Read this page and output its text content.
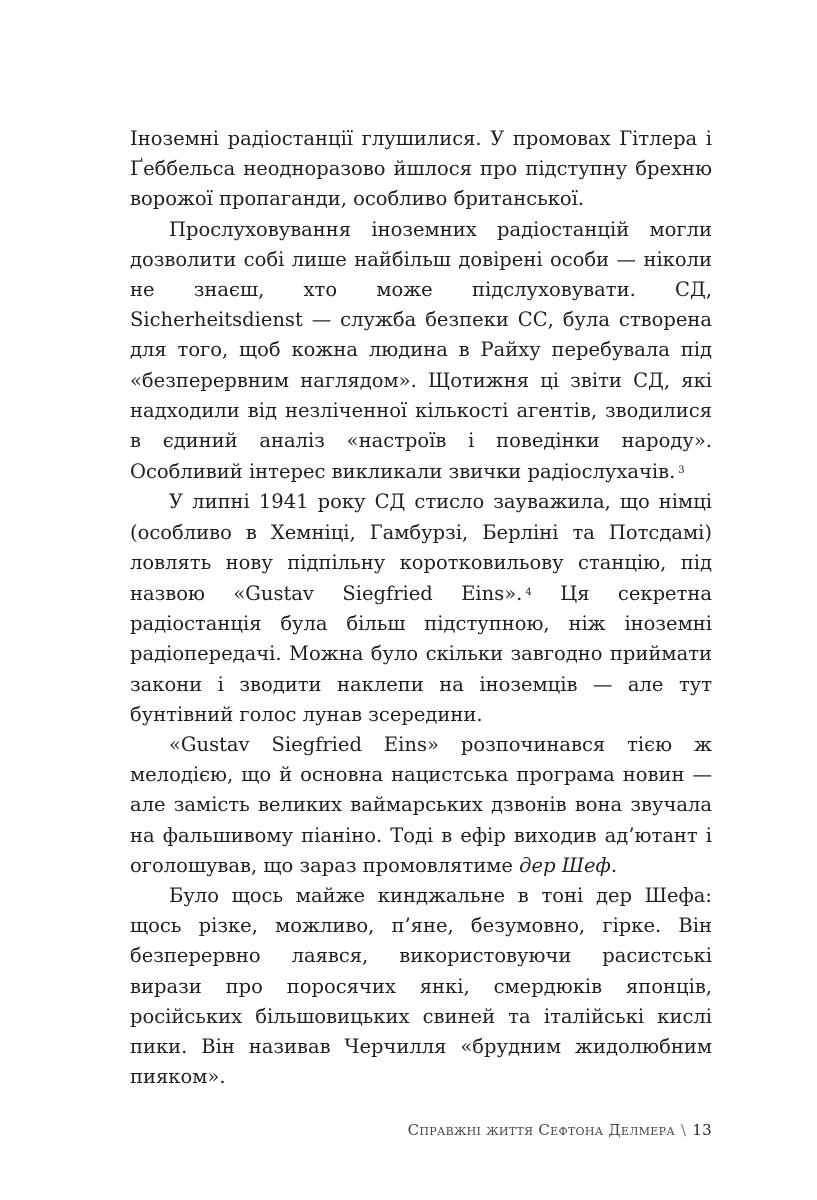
Іноземні радіостанції глушилися. У промовах Гітлера і Ґеббельса неодноразово йшлося про підступну брехню ворожої пропаганди, особливо британської.

Прослуховування іноземних радіостанцій могли дозволити собі лише найбільш довірені особи — ніколи не знаєш, хто може підслуховувати. СД, Sicherheitsdienst — служба безпеки СС, була створена для того, щоб кожна людина в Райху перебувала під «безперервним наглядом». Щотижня ці звіти СД, які надходили від незліченної кількості агентів, зводилися в єдиний аналіз «настроїв і поведінки народу». Особливий інтерес викликали звички радіослухачів. $^3$

У липні 1941 року СД стисло зауважила, що німці (особливо в Хемніці, Гамбурзі, Берліні та Потсдамі) ловлять нову підпільну коротковильову станцію, під назвою «Gustav Siegfried Eins». $^4$ Ця секретна радіостанція була більш підступною, ніж іноземні радіопередачі. Можна було скільки завгодно приймати закони і зводити наклепи на іноземців — але тут бунтівний голос лунав зсередини.

«Gustav Siegfried Eins» розпочинався тією ж мелодією, що й основна нацистська програма новин — але замість великих ваймарських дзвонів вона звучала на фальшивому піаніно. Тоді в ефір виходив ад’ютант і оголошував, що зараз промовлятиме дер Шеф.

Було щось майже кинджальне в тоні дер Шефа: щось різке, можливо, п’яне, безумовно, гірке. Він безперервно лаявся, використовуючи расистські вирази про поросячих янкі, смердюків японців, російських більшовицьких свиней та італійські кислі пики. Він називав Черчилля «брудним жидолюбним пияком».

Справжні життя Сефтона Делмера \ 13
